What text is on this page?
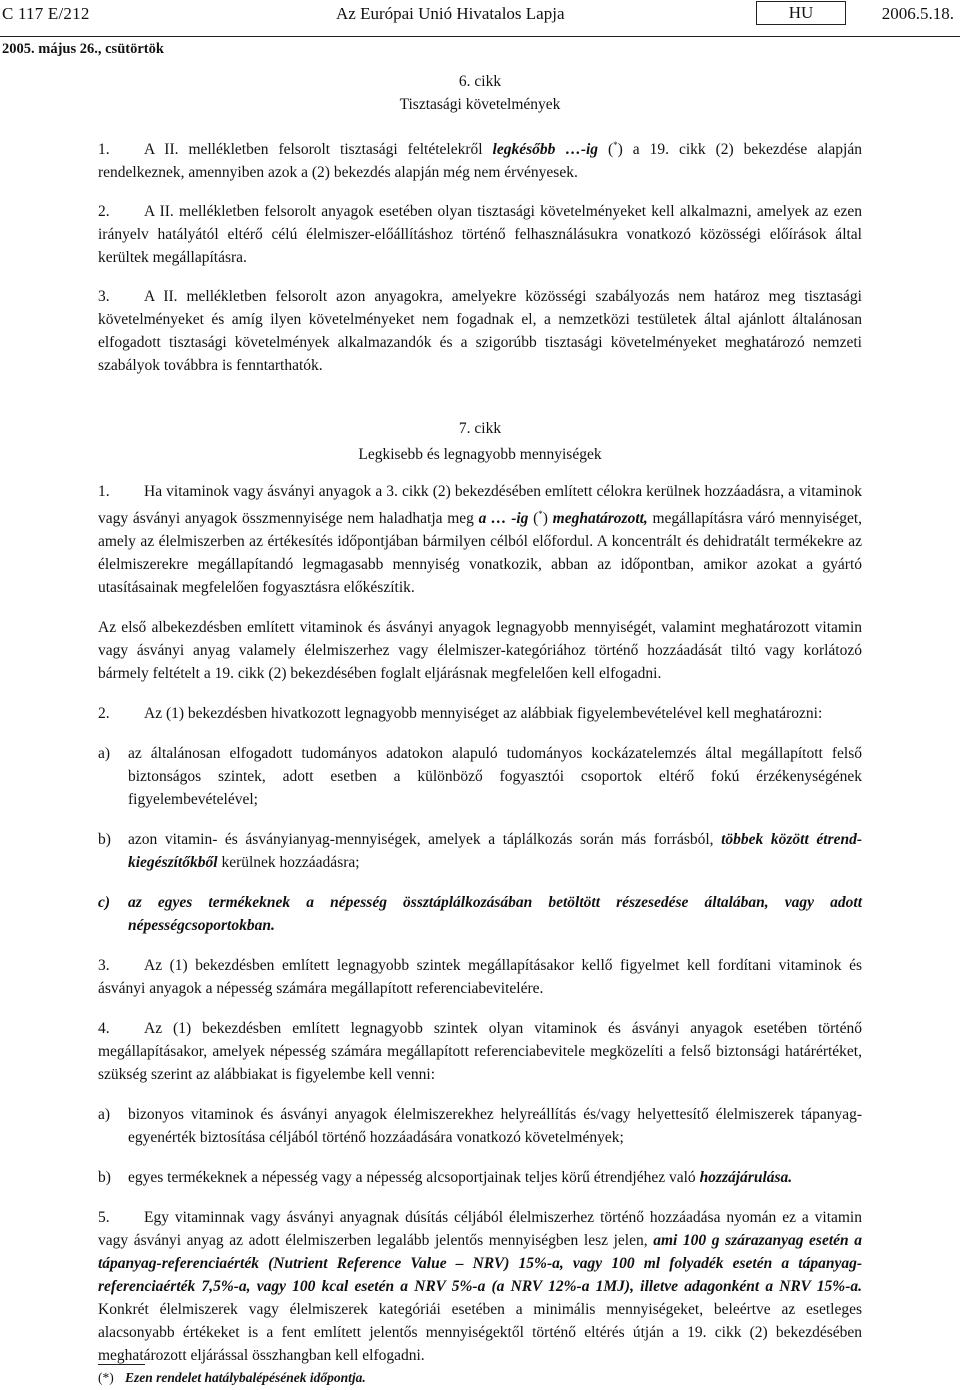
C 117 E/212	Az Európai Unió Hivatalos Lapja	HU	2006.5.18.
2005. május 26., csütörtök
6. cikk
Tisztasági követelmények

1. A II. mellékletben felsorolt tisztasági feltételekről legkésőbb …-ig (*) a 19. cikk (2) bekezdése alapján rendelkeznek, amennyiben azok a (2) bekezdés alapján még nem érvényesek.

2. A II. mellékletben felsorolt anyagok esetében olyan tisztasági követelményeket kell alkalmazni, amelyek az ezen irányelv hatályától eltérő célú élelmiszer-előállításhoz történő felhasználásukra vonatkozó közösségi előírások által kerültek megállapításra.

3. A II. mellékletben felsorolt azon anyagokra, amelyekre közösségi szabályozás nem határoz meg tisztasági követelményeket és amíg ilyen követelményeket nem fogadnak el, a nemzetközi testületek által ajánlott általánosan elfogadott tisztasági követelmények alkalmazandók és a szigorúbb tisztasági követelményeket meghatározó nemzeti szabályok továbbra is fenntarthatók.

7. cikk
Legkisebb és legnagyobb mennyiségek

1. Ha vitaminok vagy ásványi anyagok a 3. cikk (2) bekezdésében említett célokra kerülnek hozzáadásra, a vitaminok vagy ásványi anyagok összmennyisége nem haladhatja meg a … -ig (*) meghatározott, megállapításra váró mennyiséget, amely az élelmiszerben az értékesítés időpontjában bármilyen célból előfordul. A koncentrált és dehidratált termékekre az élelmiszerekre megállapítandó legmagasabb mennyiség vonatkozik, abban az időpontban, amikor azokat a gyártó utasításainak megfelelően fogyasztásra előkészítik.

Az első albekezdésben említett vitaminok és ásványi anyagok legnagyobb mennyiségét, valamint meghatározott vitamin vagy ásványi anyag valamely élelmiszerhez vagy élelmiszer-kategóriához történő hozzáadását tiltó vagy korlátozó bármely feltételt a 19. cikk (2) bekezdésében foglalt eljárásnak megfelelően kell elfogadni.

2. Az (1) bekezdésben hivatkozott legnagyobb mennyiséget az alábbiak figyelembevételével kell meghatározni:

a)	az általánosan elfogadott tudományos adatokon alapuló tudományos kockázatelemzés által megállapított felső biztonságos szintek, adott esetben a különböző fogyasztói csoportok eltérő fokú érzékenységének figyelembevételével;
b)	azon vitamin- és ásványianyag-mennyiségek, amelyek a táplálkozás során más forrásból, többek között étrend-kiegészítőkből kerülnek hozzáadásra;
c)	az egyes termékeknek a népesség össztáplálkozásában betöltött részesedése általában, vagy adott népességcsoportokban.

3. Az (1) bekezdésben említett legnagyobb szintek megállapításakor kellő figyelmet kell fordítani vitaminok és ásványi anyagok a népesség számára megállapított referenciabevitelére.

4. Az (1) bekezdésben említett legnagyobb szintek olyan vitaminok és ásványi anyagok esetében történő megállapításakor, amelyek népesség számára megállapított referenciabevitele megközelíti a felső biztonsági határértéket, szükség szerint az alábbiakat is figyelembe kell venni:

a)	bizonyos vitaminok és ásványi anyagok élelmiszerekhez helyreállítás és/vagy helyettesítő élelmiszerek tápanyag-egyenérték biztosítása céljából történő hozzáadására vonatkozó követelmények;
b)	egyes termékeknek a népesség vagy a népesség alcsoportjainak teljes körű étrendjéhez való hozzájárulása.

5. Egy vitaminnak vagy ásványi anyagnak dúsítás céljából élelmiszerhez történő hozzáadása nyomán ez a vitamin vagy ásványi anyag az adott élelmiszerben legalább jelentős mennyiségben lesz jelen, ami 100 g szárazanyag esetén a tápanyag-referenciaérték (Nutrient Reference Value – NRV) 15%-a, vagy 100 ml folyadék esetén a tápanyag-referenciaérték 7,5%-a, vagy 100 kcal esetén a NRV 5%-a (a NRV 12%-a 1MJ), illetve adagonként a NRV 15%-a. Konkrét élelmiszerek vagy élelmiszerek kategóriái esetében a minimális mennyiségeket, beleértve az esetleges alacsonyabb értékeket is a fent említett jelentős mennyiségektől történő eltérés útján a 19. cikk (2) bekezdésében meghatározott eljárással összhangban kell elfogadni.

(*) Ezen rendelet hatálybalépésének időpontja.
